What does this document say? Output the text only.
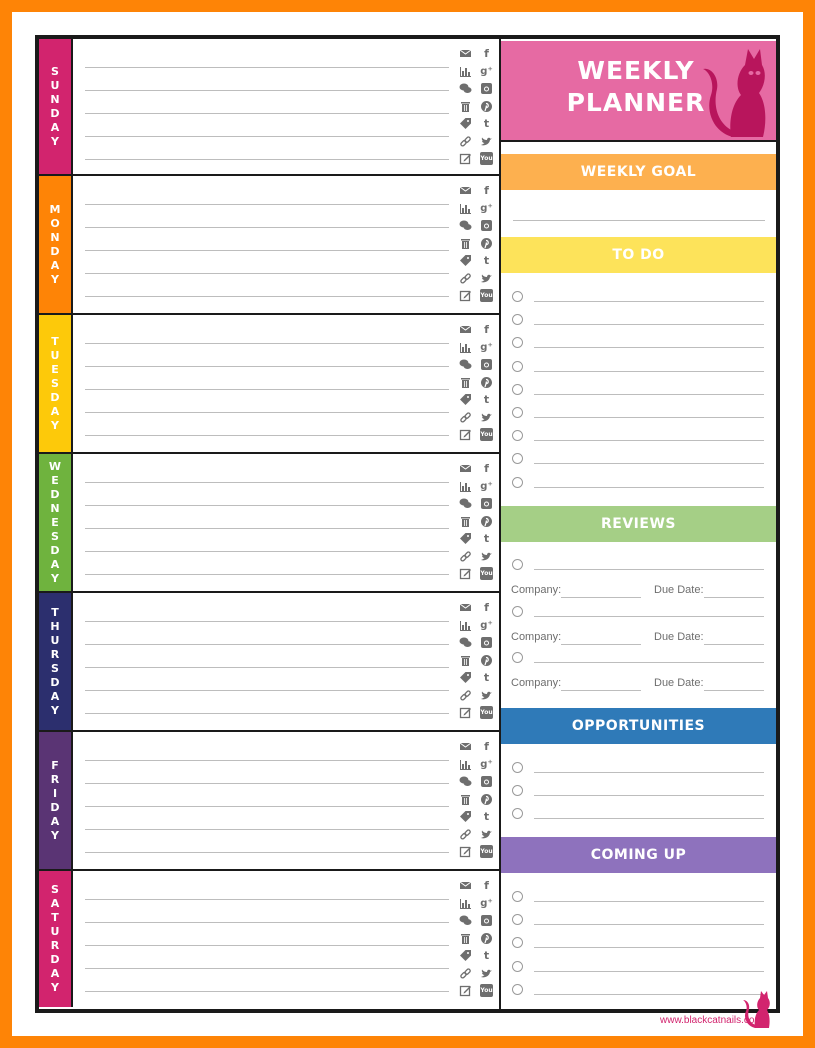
SUNDAY
f
g⁺
t
You
MONDAY
f
g⁺
t
You
TUESDAY
f
g⁺
t
You
WEDNESDAY	f
g⁺
t
You
THURSDAY	f
g⁺
t
You
FRIDAY
f
g⁺
t
You
SATURDAY	f
g⁺
t
You
WEEKLY
PLANNER
WEEKLY GOAL
TO DO
REVIEWS
Company:	Due Date:
Company:	Due Date:
Company:	Due Date:
OPPORTUNITIES
COMING UP
www.blackcatnails.com
